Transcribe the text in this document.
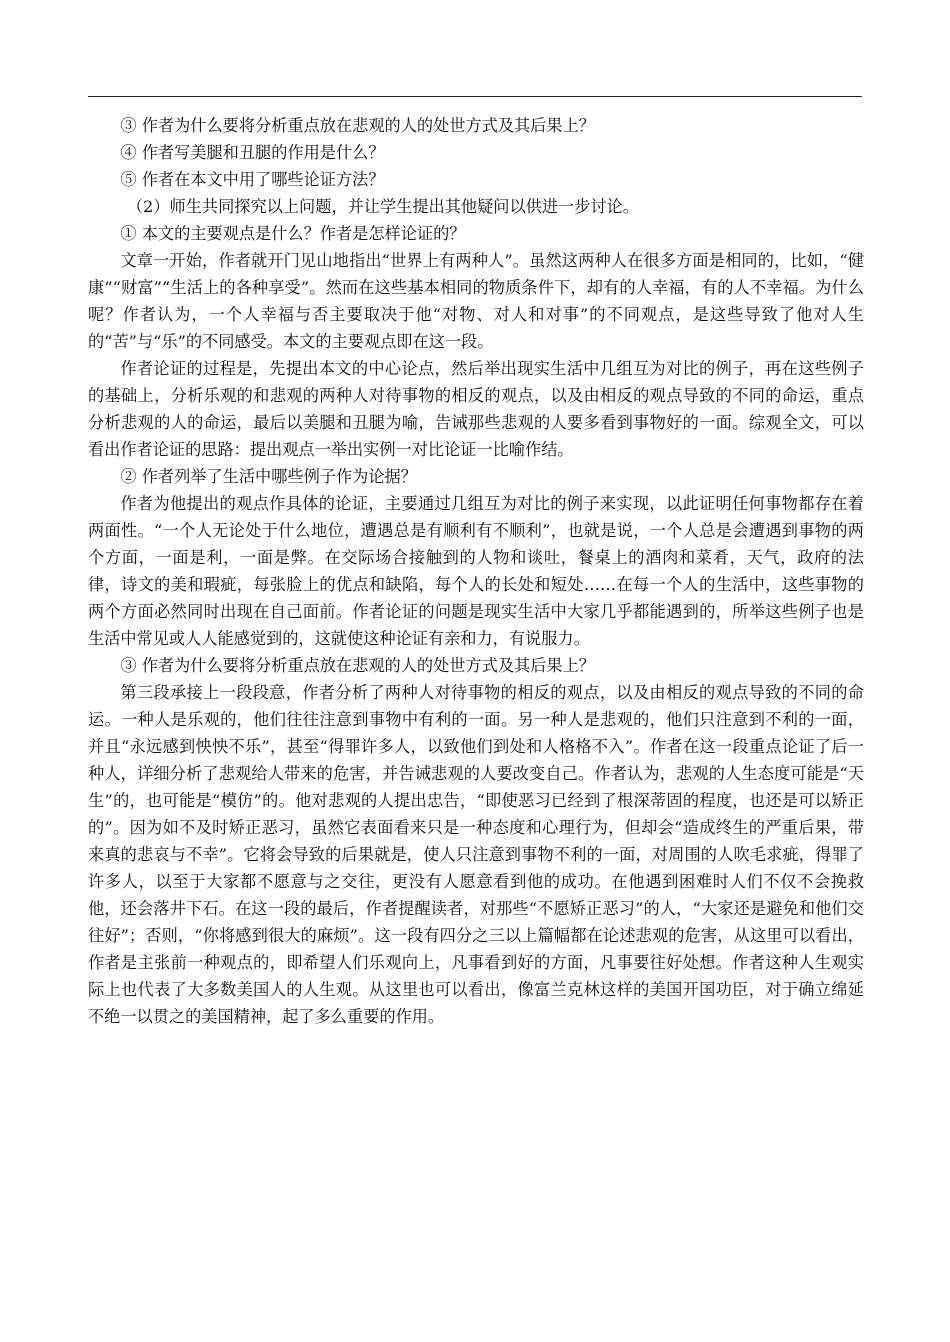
③ 作者为什么要将分析重点放在悲观的人的处世方式及其后果上？

④ 作者写美腿和丑腿的作用是什么？

⑤ 作者在本文中用了哪些论证方法？

（2）师生共同探究以上问题，并让学生提出其他疑问以供进一步讨论。

① 本文的主要观点是什么？作者是怎样论证的？

文章一开始，作者就开门见山地指出“世界上有两种人”。虽然这两种人在很多方面是相同的，比如，“健康”“财富”“生活上的各种享受”。然而在这些基本相同的物质条件下，却有的人幸福，有的人不幸福。为什么呢？作者认为，一个人幸福与否主要取决于他“对物、对人和对事”的不同观点，是这些导致了他对人生的“苦”与“乐”的不同感受。本文的主要观点即在这一段。

作者论证的过程是，先提出本文的中心论点，然后举出现实生活中几组互为对比的例子，再在这些例子的基础上，分析乐观的和悲观的两种人对待事物的相反的观点，以及由相反的观点导致的不同的命运，重点分析悲观的人的命运，最后以美腿和丑腿为喻，告诫那些悲观的人要多看到事物好的一面。综观全文，可以看出作者论证的思路：提出观点一举出实例一对比论证一比喻作结。

② 作者列举了生活中哪些例子作为论据？

作者为他提出的观点作具体的论证，主要通过几组互为对比的例子来实现，以此证明任何事物都存在着两面性。“一个人无论处于什么地位，遭遇总是有顺利有不顺利”，也就是说，一个人总是会遭遇到事物的两个方面，一面是利，一面是弊。在交际场合接触到的人物和谈吐，餐桌上的酒肉和菜肴，天气，政府的法律，诗文的美和瑕疵，每张脸上的优点和缺陷，每个人的长处和短处……在每一个人的生活中，这些事物的两个方面必然同时出现在自己面前。作者论证的问题是现实生活中大家几乎都能遇到的，所举这些例子也是生活中常见或人人能感觉到的，这就使这种论证有亲和力，有说服力。

③ 作者为什么要将分析重点放在悲观的人的处世方式及其后果上？

第三段承接上一段段意，作者分析了两种人对待事物的相反的观点，以及由相反的观点导致的不同的命运。一种人是乐观的，他们往往注意到事物中有利的一面。另一种人是悲观的，他们只注意到不利的一面，并且“永远感到怏怏不乐”，甚至“得罪许多人，以致他们到处和人格格不入”。作者在这一段重点论证了后一种人，详细分析了悲观给人带来的危害，并告诫悲观的人要改变自己。作者认为，悲观的人生态度可能是“天生”的，也可能是“模仿”的。他对悲观的人提出忠告，“即使恶习已经到了根深蒂固的程度，也还是可以矫正的”。因为如不及时矫正恶习，虽然它表面看来只是一种态度和心理行为，但却会“造成终生的严重后果，带来真的悲哀与不幸”。它将会导致的后果就是，使人只注意到事物不利的一面，对周围的人吹毛求疵，得罪了许多人，以至于大家都不愿意与之交往，更没有人愿意看到他的成功。在他遇到困难时人们不仅不会挽救他，还会落井下石。在这一段的最后，作者提醒读者，对那些“不愿矫正恶习”的人，“大家还是避免和他们交往好”；否则，“你将感到很大的麻烦”。这一段有四分之三以上篇幅都在论述悲观的危害，从这里可以看出，作者是主张前一种观点的，即希望人们乐观向上，凡事看到好的方面，凡事要往好处想。作者这种人生观实际上也代表了大多数美国人的人生观。从这里也可以看出，像富兰克林这样的美国开国功臣，对于确立绵延不绝一以贯之的美国精神，起了多么重要的作用。
